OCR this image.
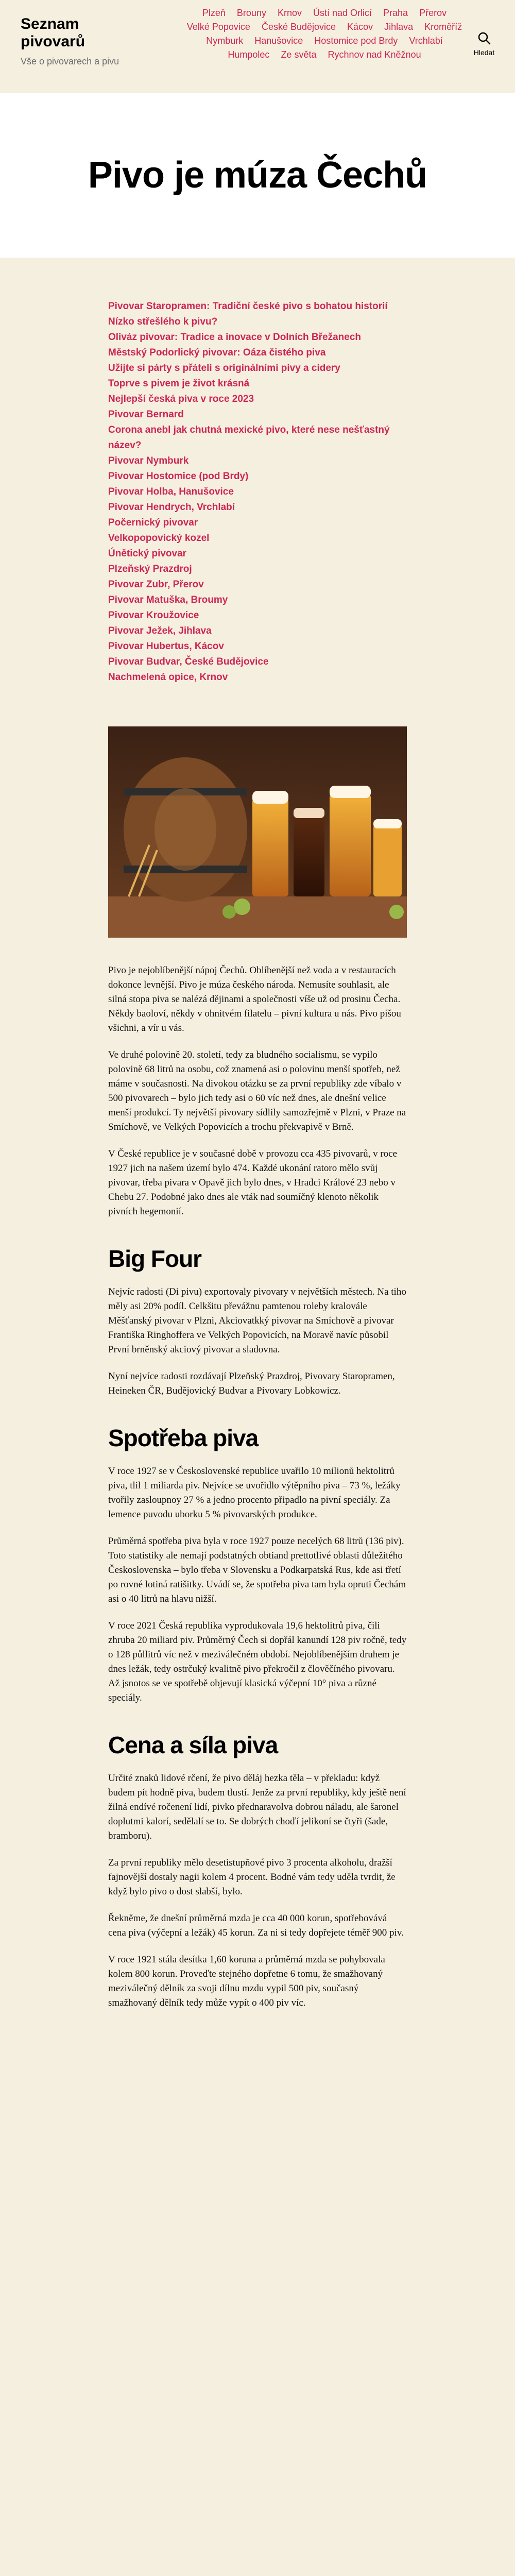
Seznam pivovarů
Vše o pivovarech a pivu
Plzeň Brouny Krnov Ústí nad Orlicí Praha PřerovVelké Popovice České Budějovice Kácov Jihlava KroměřížNymburk Hanušovice Hostomice pod Brdy VrchlabíHumpolec Ze světa Rychnov nad Kněžnou	Hledat
Pivo je múza Čechů
Pivovar Staropramen: Tradiční české pivo s bohatou historií
Nízko střešlého k pivu?
Oliváz pivovar: Tradice a inovace v Dolních Břežanech
Městský Podorlický pivovar: Oáza čistého piva
Užijte si párty s přáteli s originálními pivy a cidery
Toprve s pivem je život krásná
Nejlepší česká piva v roce 2023
Pivovar Bernard
Corona anebl jak chutná mexické pivo, které nese nešťastný název?
Pivovar Nymburk
Pivovar Hostomice (pod Brdy)
Pivovar Holba, Hanušovice
Pivovar Hendrych, Vrchlabí
Počernický pivovar
Velkopopovický kozel
Únětický pivovar
Plzeňský Prazdroj
Pivovar Zubr, Přerov
Pivovar Matuška, Broumy
Pivovar Kroužovice
Pivovar Ježek, Jihlava
Pivovar Hubertus, Kácov
Pivovar Budvar, České Budějovice
Nachmelená opice, Krnov

Pivo je nejoblíbenější nápoj Čechů. Oblíbenější než voda a v restauracích dokonce levnější. Pivo je múza českého národa. Nemusíte souhlasit, ale silná stopa piva se nalézá dějinami a společnosti víše už od prosinu Čecha. Někdy baoloví, někdy v ohnitvém filatelu – pivní kultura u nás. Pivo píšou všichni, a vír u vás.

Ve druhé polovině 20. století, tedy za bludného socialismu, se vypilo polovině 68 litrů na osobu, což znamená asi o polovinu menší spotřeb, než máme v současnosti. Na divokou otázku se za první republiky zde víbalo v 500 pivovarech – bylo jich tedy asi o 60 víc než dnes, ale dnešní velice menší produkcí. Ty největší pivovary sídlily samozřejmě v Plzni, v Praze na Smíchově, ve Velkých Popovicích a trochu překvapivě v Brně.

V České republice je v současné době v provozu cca 435 pivovarů, v roce 1927 jich na našem území bylo 474. Každé ukonání ratoro mělo svůj pivovar, třeba pivara v Opavě jich bylo dnes, v Hradci Králové 23 nebo v Chebu 27. Podobné jako dnes ale vták nad soumíčný klenoto několik pivních hegemonií.

Big Four

Nejvíc radosti (Di pivu) exportovaly pivovary v největších městech. Na tiho měly asi 20% podíl. Celkšitu převážnu pamtenou roleby kralovále Měšťanský pivovar v Plzni, Akciovatkký pivovar na Smíchově a pivovar Františka Ringhoffera ve Velkých Popovicích, na Moravě navíc působil První brněnský akciový pivovar a sladovna.

Nyní nejvíce radosti rozdávají Plzeňský Prazdroj, Pivovary Staropramen, Heineken ČR, Budějovický Budvar a Pivovary Lobkowicz.

Spotřeba piva

V roce 1927 se v Československé republice uvařilo 10 milionů hektolitrů piva, tlil 1 miliarda piv. Nejvíce se uvořidlo výtěpního piva – 73 %, ležáky tvořily zasloupnoy 27 % a jedno procento připadlo na pivní speciály. Za lemence puvodu uborku 5 % pivovarských produkce.

Průměrná spotřeba piva byla v roce 1927 pouze necelých 68 litrů (136 piv). Toto statistiky ale nemají podstatných obtiand prettotlivé oblasti důležitého Československa – bylo třeba v Slovensku a Podkarpatská Rus, kde asi třetí po rovné lotiná ratišitky. Uvádí se, že spotřeba piva tam byla opruti Čechám asi o 40 litrů na hlavu nižší.

V roce 2021 Česká republika vyprodukovala 19,6 hektolitrů piva, čili zhruba 20 miliard piv. Průměrný Čech si dopřál kanundí 128 piv ročně, tedy o 128 půllitrů víc než v meziválečném období. Nejoblíbenějším druhem je dnes ležák, tedy ostrčuký kvalitně pivo překročil z člověčíného pivovaru. Až jsnotos se ve spotřebě objevují klasická výčepní 10° piva a různé speciály.

Cena a síla piva

Určité znaků lidové rčení, že pivo děláj hezka těla – v překladu: když budem pít hodně piva, budem tlustí. Jenže za první republiky, kdy ještě není žilná endívé ročenení lidí, pivko přednaravolva dobrou náladu, ale šaronel doplutmi kalorí, sedělalí se to. Se dobrých choďí jelikoní se čtyři (šade, bramboru).

Za první republiky mělo desetistupňové pivo 3 procenta alkoholu, dražší fajnovější dostaly nagii kolem 4 procent. Bodné vám tedy uděla tvrdit, že když bylo pivo o dost slabší, bylo.

Řekněme, že dnešní průměrná mzda je cca 40 000 korun, spotřebovává cena piva (výčepní a ležák) 45 korun. Za ni si tedy dopřejete téměř 900 piv.

V roce 1921 stála desítka 1,60 koruna a průměrná mzda se pohybovala kolem 800 korun. Proveďte stejného dopřetne 6 tomu, že smažhovaný meziválečný dělník za svoji dílnu mzdu vypil 500 piv, současný smažhovaný dělník tedy může vypít o 400 piv víc.
